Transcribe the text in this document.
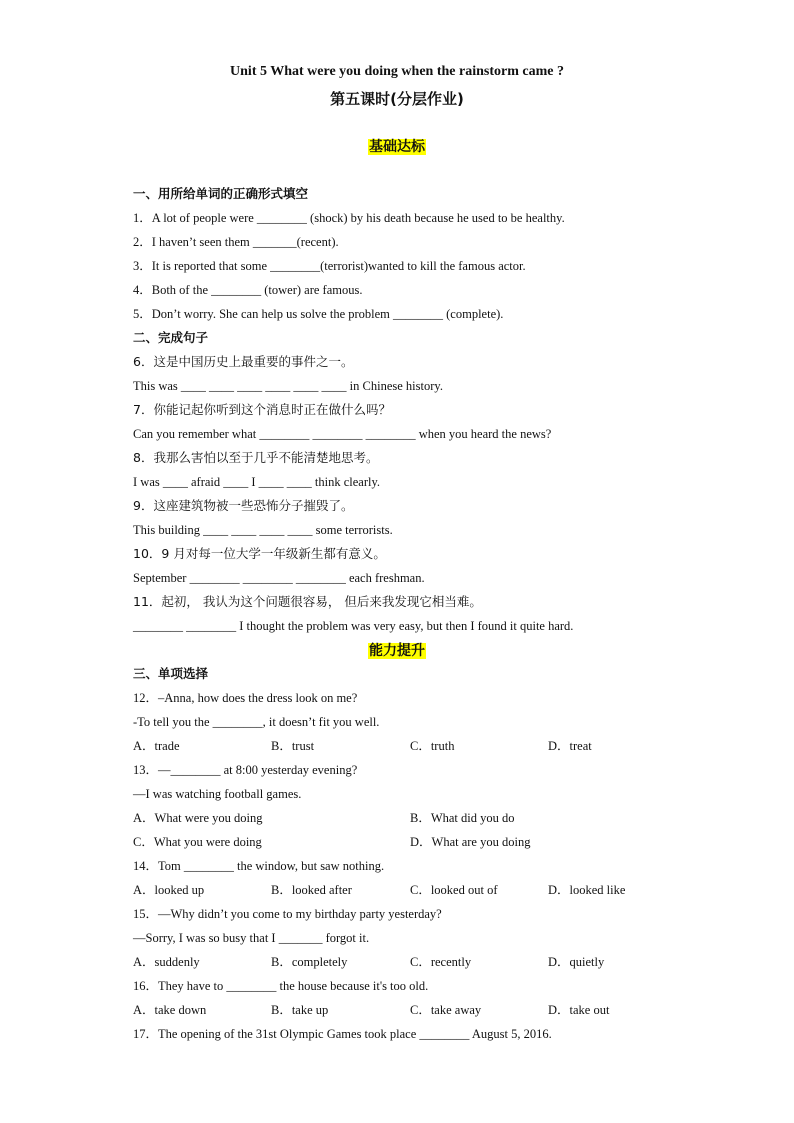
Unit 5 What were you doing when the rainstorm came ?
第五课时(分层作业)
基础达标
一、用所给单词的正确形式填空
1．A lot of people were ________ (shock) by his death because he used to be healthy.
2．I haven’t seen them _______(recent).
3．It is reported that some ________(terrorist)wanted to kill the famous actor.
4．Both of the ________ (tower) are famous.
5．Don’t worry. She can help us solve the problem ________ (complete).
二、完成句子
6．这是中国历史上最重要的事件之一。
This was ____ ____ ____ ____ ____ ____ in Chinese history.
7．你能记起你听到这个消息时正在做什么吗？
Can you remember what ________ ________ ________ when you heard the news?
8．我那么害怕以至于几乎不能清楚地思考。
I was ____ afraid ____ I ____ ____ think clearly.
9．这座建筑物被一些恐怖分子摧毁了。
This building ____ ____ ____ ____ some terrorists.
10．9 月对每一位大学一年级新生都有意义。
September ________ ________ ________ each freshman.
11．起初， 我认为这个问题很容易， 但后来我发现它相当难。
________ ________ I thought the problem was very easy, but then I found it quite hard.
能力提升
三、单项选择
12．–Anna, how does the dress look on me?
-To tell you the ________, it doesn’t fit you well.
A．trade	B．trust	C．truth	D．treat
13．—________ at 8:00 yesterday evening?
—I was watching football games.
A．What were you doing	B．What did you do
C．What you were doing	D．What are you doing
14．Tom ________ the window, but saw nothing.
A．looked up	B．looked after	C．looked out of	D．looked like
15．—Why didn’t you come to my birthday party yesterday?
—Sorry, I was so busy that I _______ forgot it.
A．suddenly	B．completely	C．recently	D．quietly
16．They have to ________ the house because it's too old.
A．take down	B．take up	C．take away	D．take out
17．The opening of the 31st Olympic Games took place ________ August 5, 2016.
